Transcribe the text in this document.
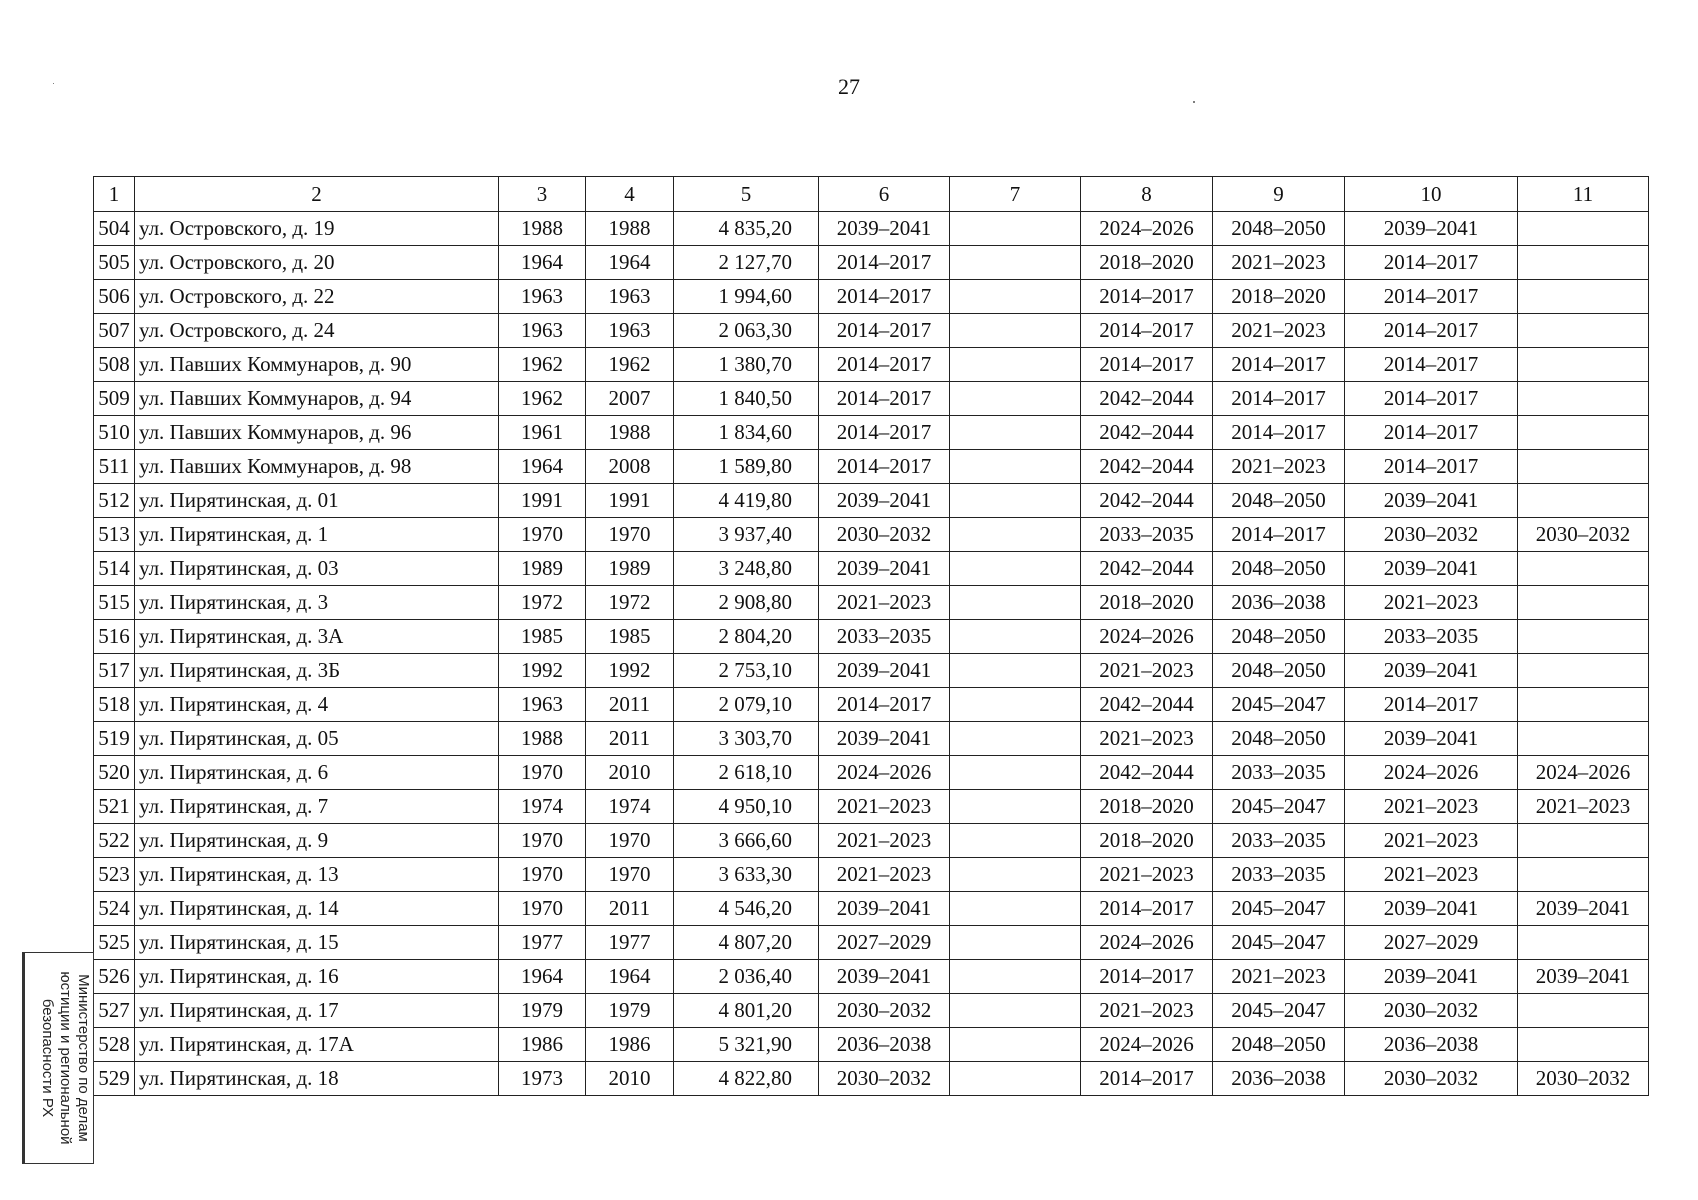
27
1	2	3	4	5	6	7	8	9	10	11
504	ул. Островского, д. 19	1988	1988	4 835,20	2039–2041		2024–2026	2048–2050	2039–2041	
505	ул. Островского, д. 20	1964	1964	2 127,70	2014–2017		2018–2020	2021–2023	2014–2017	
506	ул. Островского, д. 22	1963	1963	1 994,60	2014–2017		2014–2017	2018–2020	2014–2017	
507	ул. Островского, д. 24	1963	1963	2 063,30	2014–2017		2014–2017	2021–2023	2014–2017	
508	ул. Павших Коммунаров, д. 90	1962	1962	1 380,70	2014–2017		2014–2017	2014–2017	2014–2017	
509	ул. Павших Коммунаров, д. 94	1962	2007	1 840,50	2014–2017		2042–2044	2014–2017	2014–2017	
510	ул. Павших Коммунаров, д. 96	1961	1988	1 834,60	2014–2017		2042–2044	2014–2017	2014–2017	
511	ул. Павших Коммунаров, д. 98	1964	2008	1 589,80	2014–2017		2042–2044	2021–2023	2014–2017	
512	ул. Пирятинская, д. 01	1991	1991	4 419,80	2039–2041		2042–2044	2048–2050	2039–2041	
513	ул. Пирятинская, д. 1	1970	1970	3 937,40	2030–2032		2033–2035	2014–2017	2030–2032	2030–2032
514	ул. Пирятинская, д. 03	1989	1989	3 248,80	2039–2041		2042–2044	2048–2050	2039–2041	
515	ул. Пирятинская, д. 3	1972	1972	2 908,80	2021–2023		2018–2020	2036–2038	2021–2023	
516	ул. Пирятинская, д. 3А	1985	1985	2 804,20	2033–2035		2024–2026	2048–2050	2033–2035	
517	ул. Пирятинская, д. 3Б	1992	1992	2 753,10	2039–2041		2021–2023	2048–2050	2039–2041	
518	ул. Пирятинская, д. 4	1963	2011	2 079,10	2014–2017		2042–2044	2045–2047	2014–2017	
519	ул. Пирятинская, д. 05	1988	2011	3 303,70	2039–2041		2021–2023	2048–2050	2039–2041	
520	ул. Пирятинская, д. 6	1970	2010	2 618,10	2024–2026		2042–2044	2033–2035	2024–2026	2024–2026
521	ул. Пирятинская, д. 7	1974	1974	4 950,10	2021–2023		2018–2020	2045–2047	2021–2023	2021–2023
522	ул. Пирятинская, д. 9	1970	1970	3 666,60	2021–2023		2018–2020	2033–2035	2021–2023	
523	ул. Пирятинская, д. 13	1970	1970	3 633,30	2021–2023		2021–2023	2033–2035	2021–2023	
524	ул. Пирятинская, д. 14	1970	2011	4 546,20	2039–2041		2014–2017	2045–2047	2039–2041	2039–2041
525	ул. Пирятинская, д. 15	1977	1977	4 807,20	2027–2029		2024–2026	2045–2047	2027–2029	
526	ул. Пирятинская, д. 16	1964	1964	2 036,40	2039–2041		2014–2017	2021–2023	2039–2041	2039–2041
527	ул. Пирятинская, д. 17	1979	1979	4 801,20	2030–2032		2021–2023	2045–2047	2030–2032	
528	ул. Пирятинская, д. 17А	1986	1986	5 321,90	2036–2038		2024–2026	2048–2050	2036–2038	
529	ул. Пирятинская, д. 18	1973	2010	4 822,80	2030–2032		2014–2017	2036–2038	2030–2032	2030–2032
Министерство по делам
юстиции и региональной
безопасности РХ
